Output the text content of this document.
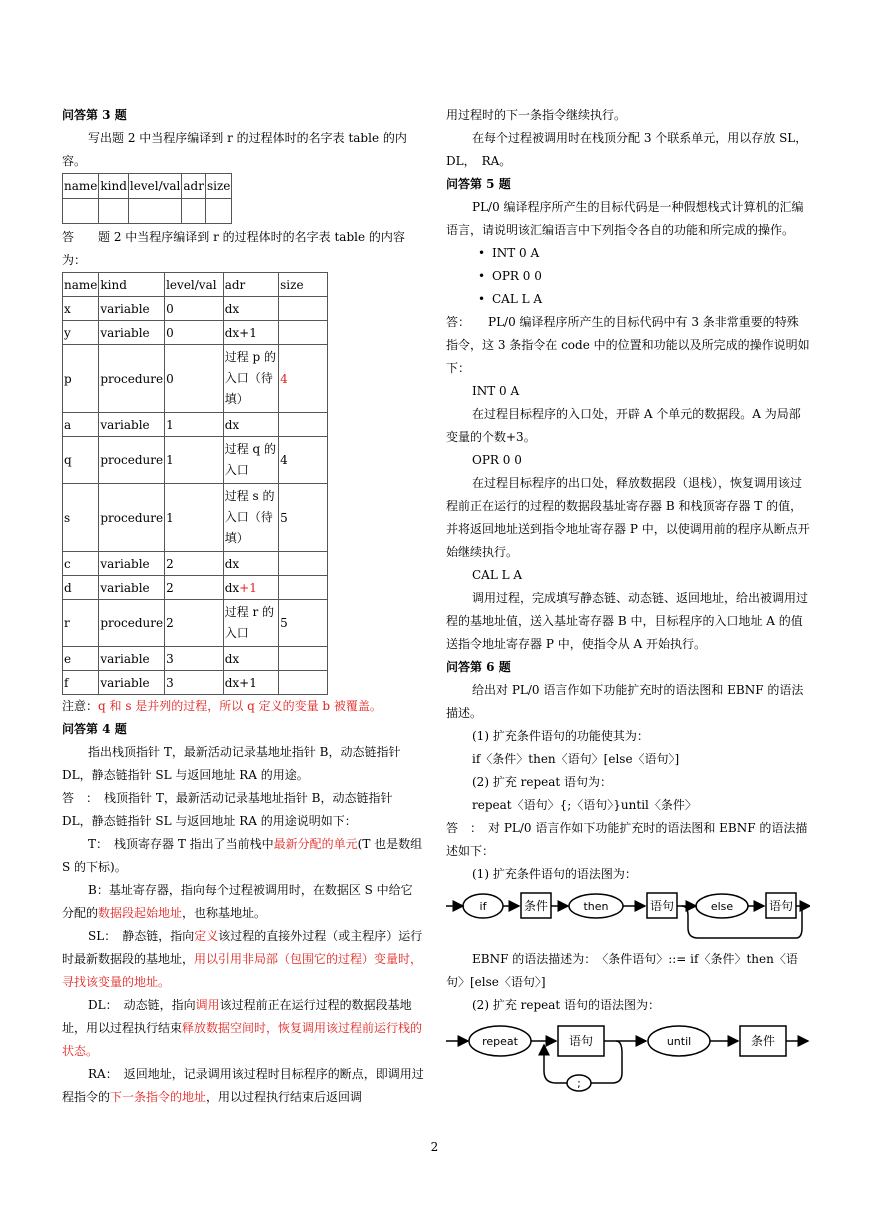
问答第 3 题

写出题 2 中当程序编译到 r 的过程体时的名字表 table 的内容。

name	kind	level/val	adr	size

答　　 题 2 中当程序编译到 r 的过程体时的名字表 table 的内容为：

name	kind	level/val	adr	size
x	variable	0	dx	
y	variable	0	dx+1	
p	procedure	0	过程 p 的入口（待填）	4
a	variable	1	dx	
q	procedure	1	过程 q 的入口	4
s	procedure	1	过程 s 的入口（待填）	5
c	variable	2	dx	
d	variable	2	dx+1	
r	procedure	2	过程 r 的入口	5
e	variable	3	dx	
f	variable	3	dx+1	

注意：q 和 s 是并列的过程，所以 q 定义的变量 b 被覆盖。

问答第 4 题

指出栈顶指针 T，最新活动记录基地址指针 B，动态链指针 DL，静态链指针 SL 与返回地址 RA 的用途。

答　：　栈顶指针 T，最新活动记录基地址指针 B，动态链指针 DL，静态链指针 SL 与返回地址 RA 的用途说明如下：

T：　栈顶寄存器 T 指出了当前栈中最新分配的单元(T 也是数组 S 的下标)。

B：基址寄存器，指向每个过程被调用时，在数据区 S 中给它分配的数据段起始地址，也称基地址。

SL：　静态链，指向定义该过程的直接外过程（或主程序）运行时最新数据段的基地址，用以引用非局部（包围它的过程）变量时，寻找该变量的地址。

DL：　动态链，指向调用该过程前正在运行过程的数据段基地址，用以过程执行结束释放数据空间时，恢复调用该过程前运行栈的状态。

RA：　返回地址，记录调用该过程时目标程序的断点，即调用过程指令的下一条指令的地址，用以过程执行结束后返回调

用过程时的下一条指令继续执行。

在每个过程被调用时在栈顶分配 3 个联系单元，用以存放 SL，DL，　RA。

问答第 5 题

PL/0 编译程序所产生的目标代码是一种假想栈式计算机的汇编语言，请说明该汇编语言中下列指令各自的功能和所完成的操作。

• INT 0 A
• OPR 0 0
• CAL L A

答：　　PL/0 编译程序所产生的目标代码中有 3 条非常重要的特殊指令，这 3 条指令在 code 中的位置和功能以及所完成的操作说明如下：

INT 0 A

在过程目标程序的入口处，开辟 A 个单元的数据段。A 为局部变量的个数+3。

OPR 0 0

在过程目标程序的出口处，释放数据段（退栈），恢复调用该过程前正在运行的过程的数据段基址寄存器 B 和栈顶寄存器 T 的值，并将返回地址送到指令地址寄存器 P 中，以使调用前的程序从断点开始继续执行。

CAL L A

调用过程，完成填写静态链、动态链、返回地址，给出被调用过程的基地址值，送入基址寄存器 B 中，目标程序的入口地址 A 的值送指令地址寄存器 P 中，使指令从 A 开始执行。

问答第 6 题

给出对 PL/0 语言作如下功能扩充时的语法图和 EBNF 的语法描述。

(1) 扩充条件语句的功能使其为：

if〈条件〉then〈语句〉[else〈语句〉]

(2) 扩充 repeat 语句为：

repeat〈语句〉{;〈语句〉}until〈条件〉

答　：　对 PL/0 语言作如下功能扩充时的语法图和 EBNF 的语法描述如下：

(1) 扩充条件语句的语法图为：

if	条件	then	语句	else	语句

EBNF 的语法描述为：　〈条件语句〉::= if〈条件〉then〈语句〉[else〈语句〉]

(2) 扩充 repeat 语句的语法图为：

repeat	语句	until	条件
;
2
